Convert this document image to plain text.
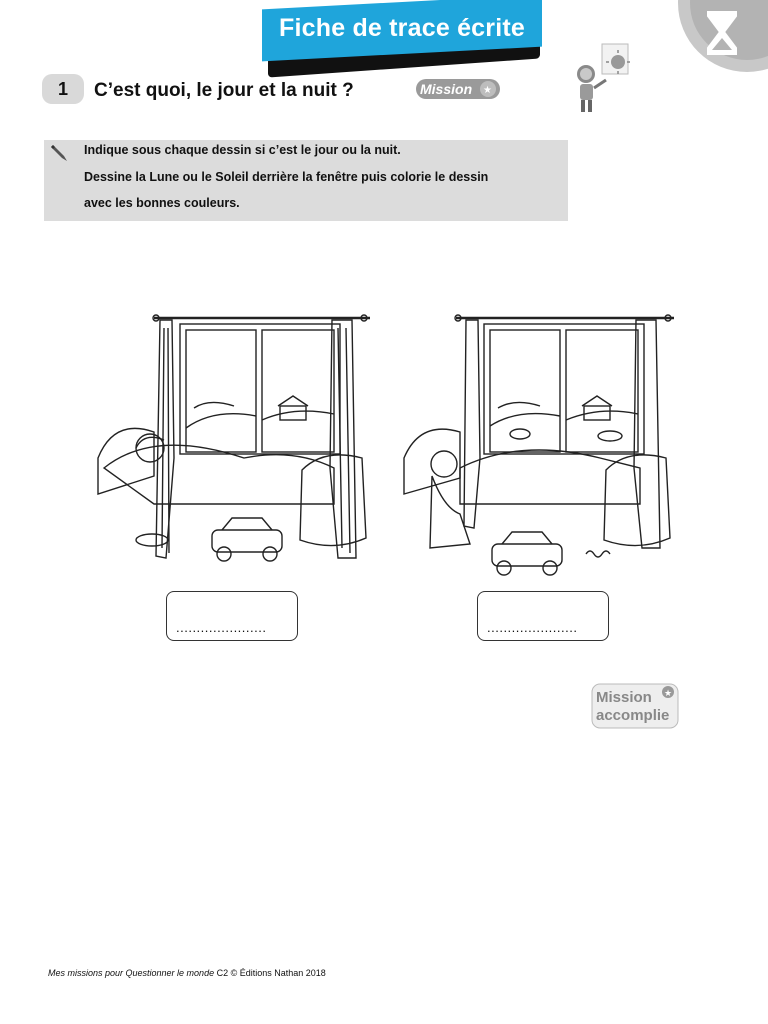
Fiche de trace écrite
1	C’est quoi, le jour et la nuit ?	Mission ★
Indique sous chaque dessin si c’est le jour ou la nuit.
Dessine la Lune ou le Soleil derrière la fenêtre puis colorie le dessin
avec les bonnes couleurs.
......................	......................
Mission
accomplie
★
Mes missions pour Questionner le monde C2 © Éditions Nathan 2018
